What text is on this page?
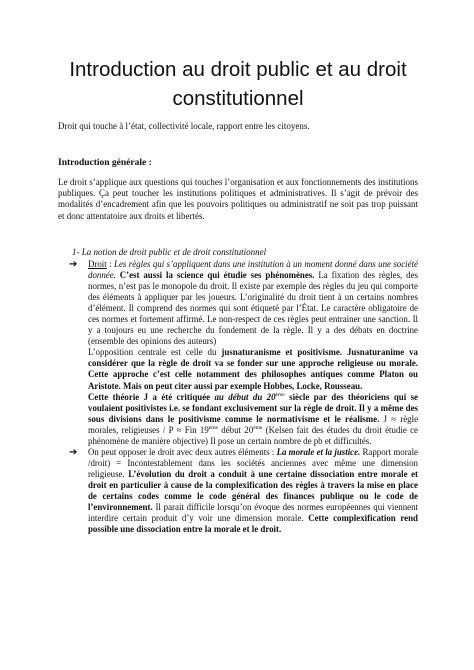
Introduction au droit public et au droit constitutionnel
Droit qui touche à l’état, collectivité locale, rapport entre les citoyens.
Introduction générale :
Le droit s’applique aux questions qui touches l’organisation et aux fonctionnements des institutions publiques. Ça peut toucher les institutions politiques et administratives. Il s’agit de prévoir des modalités d’encadrement afin que les pouvoirs politiques ou administratif ne soit pas trop puissant et donc attentatoire aux droits et libertés.
1- La notion de droit public et de droit constitutionnel
➔ Droit : Les règles qui s’appliquent dans une institution à un moment donné dans une société donnée. C’est aussi la science qui étudie ses phénomènes. La fixation des règles, des normes, n’est pas le monopole du droit. Il existe par exemple des règles du jeu qui comporte des éléments à appliquer par les joueurs. L’originalité du droit tient à un certains nombres d’élément. Il comprend des normes qui sont étiqueté par l’État. Le caractère obligatoire de ces normes et fortement affirmé. Le non-respect de ces règles peut entrainer une sanction. Il y a toujours eu une recherche du fondement de la règle. Il y a des débats en doctrine (ensemble des opinions des auteurs)
L’opposition centrale est celle du jusnaturanisme et positivisme. Jusnaturanime va considérer que la règle de droit va se fonder sur une approche religieuse ou morale. Cette approche c’est celle notamment des philosophes antiques comme Platon ou Aristote. Mais on peut citer aussi par exemple Hobbes, Locke, Rousseau.
Cette théorie J a été critiquée au début du 20ème siècle par des théoriciens qui se voulaient positivistes i.e. se fondant exclusivement sur la règle de droit. Il y a même des sous divisions dans le positivisme comme le normativisme et le réalisme. J ≈ règle morales, religieuses / P ≈ Fin 19ème début 20ème (Kelsen fait des études du droit étudie ce phénomène de manière objective) Il pose un certain nombre de pb et difficultés.
➔ On peut opposer le droit avec deux autres éléments : La morale et la justice. Rapport morale /droit) = Incontestablement dans les sociétés anciennes avec même une dimension religieuse. L’évolution du droit a conduit à une certaine dissociation entre morale et droit en particulier à cause de la complexification des règles à travers la mise en place de certains codes comme le code général des finances publique ou le code de l’environnement. Il parait difficile lorsqu’on évoque des normes européennes qui viennent interdire certain produit d’y voir une dimension morale. Cette complexification rend possible une dissociation entre la morale et le droit.
